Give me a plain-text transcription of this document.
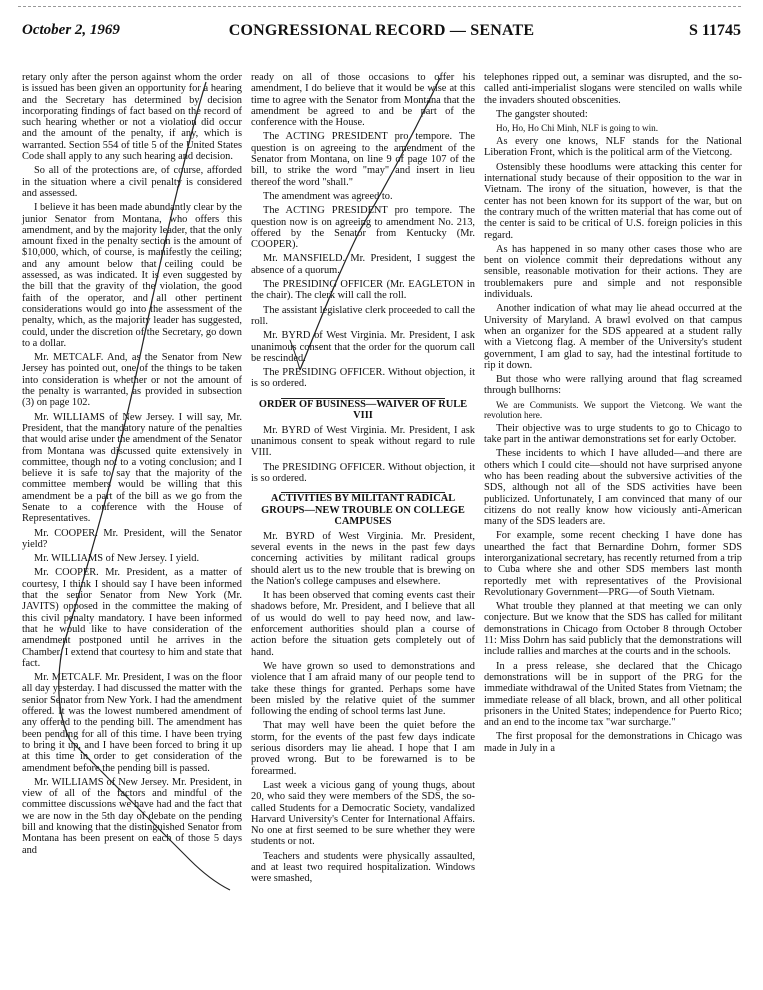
October 2, 1969	CONGRESSIONAL RECORD — SENATE	S 11745

retary only after the person against whom the order is issued has been given an opportunity for a hearing and the Secretary has determined by decision incorporating findings of fact based on the record of such hearing whether or not a violation did occur and the amount of the penalty, if any, which is warranted. Section 554 of title 5 of the United States Code shall apply to any such hearing and decision.

So all of the protections are, of course, afforded in the situation where a civil penalty is considered and assessed.

I believe it has been made abundantly clear by the junior Senator from Montana, who offers this amendment, and by the majority leader, that the only amount fixed in the penalty section is the amount of $10,000, which, of course, is manifestly the ceiling; and any amount below that ceiling could be assessed, as was indicated. It is even suggested by the bill that the gravity of the violation, the good faith of the operator, and all other pertinent considerations would go into the assessment of the penalty, which, as the majority leader has suggested, could, under the discretion of the Secretary, go down to a dollar.

Mr. METCALF. And, as the Senator from New Jersey has pointed out, one of the things to be taken into consideration is whether or not the amount of the penalty is warranted, as provided in subsection (3) on page 102.

Mr. WILLIAMS of New Jersey. I will say, Mr. President, that the mandatory nature of the penalties that would arise under the amendment of the Senator from Montana was discussed quite extensively in committee, though not to a voting conclusion; and I believe it is safe to say that the majority of the committee members would be willing that this amendment be a part of the bill as we go from the Senate to a conference with the House of Representatives.

Mr. COOPER. Mr. President, will the Senator yield?

Mr. WILLIAMS of New Jersey. I yield.

Mr. COOPER. Mr. President, as a matter of courtesy, I think I should say I have been informed that the senior Senator from New York (Mr. JAVITS) opposed in the committee the making of this civil penalty mandatory. I have been informed that he would like to have consideration of the amendment postponed until he arrives in the Chamber. I extend that courtesy to him and state that fact.

Mr. METCALF. Mr. President, I was on the floor all day yesterday. I had discussed the matter with the senior Senator from New York. I had the amendment offered. It was the lowest numbered amendment of any offered to the pending bill. The amendment has been pending for all of this time. I have been trying to bring it up, and I have been forced to bring it up at this time in order to get consideration of the amendment before the pending bill is passed.

Mr. WILLIAMS of New Jersey. Mr. President, in view of all of the factors and mindful of the committee discussions we have had and the fact that we are now in the 5th day of debate on the pending bill and knowing that the distinguished Senator from Montana has been present on each of those 5 days and

ready on all of those occasions to offer his amendment, I do believe that it would be wise at this time to agree with the Senator from Montana that the amendment be agreed to and be part of the conference with the House.

The ACTING PRESIDENT pro tempore. The question is on agreeing to the amendment of the Senator from Montana, on line 9 of page 107 of the bill, to strike the word "may" and insert in lieu thereof the word "shall."

The amendment was agreed to.

The ACTING PRESIDENT pro tempore. The question now is on agreeing to amendment No. 213, offered by the Senator from Kentucky (Mr. COOPER).

Mr. MANSFIELD. Mr. President, I suggest the absence of a quorum.

The PRESIDING OFFICER (Mr. EAGLETON in the chair). The clerk will call the roll.

The assistant legislative clerk proceeded to call the roll.

Mr. BYRD of West Virginia. Mr. President, I ask unanimous consent that the order for the quorum call be rescinded.

The PRESIDING OFFICER. Without objection, it is so ordered.

ORDER OF BUSINESS—WAIVER OF RULE VIII

Mr. BYRD of West Virginia. Mr. President, I ask unanimous consent to speak without regard to rule VIII.

The PRESIDING OFFICER. Without objection, it is so ordered.

ACTIVITIES BY MILITANT RADICAL GROUPS—NEW TROUBLE ON COLLEGE CAMPUSES

Mr. BYRD of West Virginia. Mr. President, several events in the news in the past few days concerning activities by militant radical groups should alert us to the new trouble that is brewing on the Nation's college campuses and elsewhere.

It has been observed that coming events cast their shadows before, Mr. President, and I believe that all of us would do well to pay heed now, and law-enforcement authorities should plan a course of action before the situation gets completely out of hand.

We have grown so used to demonstrations and violence that I am afraid many of our people tend to take these things for granted. Perhaps some have been misled by the relative quiet of the summer following the ending of school terms last June.

That may well have been the quiet before the storm, for the events of the past few days indicate serious disorders may lie ahead. I hope that I am proved wrong. But to be forewarned is to be forearmed.

Last week a vicious gang of young thugs, about 20, who said they were members of the SDS, the so-called Students for a Democratic Society, vandalized Harvard University's Center for International Affairs. No one at first seemed to be sure whether they were students or not.

Teachers and students were physically assaulted, and at least two required hospitalization. Windows were smashed,

telephones ripped out, a seminar was disrupted, and the so-called anti-imperialist slogans were stenciled on walls while the invaders shouted obscenities.

The gangster shouted:

Ho, Ho, Ho Chi Minh, NLF is going to win.

As every one knows, NLF stands for the National Liberation Front, which is the political arm of the Vietcong.

Ostensibly these hoodlums were attacking this center for international study because of their opposition to the war in Vietnam. The irony of the situation, however, is that the center has not been known for its support of the war, but on the contrary much of the written material that has come out of the center is said to be critical of U.S. foreign policies in this regard.

As has happened in so many other cases those who are bent on violence commit their depredations without any sensible, reasonable motivation for their actions. They are troublemakers pure and simple and not responsible individuals.

Another indication of what may lie ahead occurred at the University of Maryland. A brawl evolved on that campus when an organizer for the SDS appeared at a student rally with a Vietcong flag. A member of the University's student government, I am glad to say, had the intestinal fortitude to rip it down.

But those who were rallying around that flag screamed through bullhorns:

We are Communists. We support the Vietcong. We want the revolution here.

Their objective was to urge students to go to Chicago to take part in the antiwar demonstrations set for early October.

These incidents to which I have alluded—and there are others which I could cite—should not have surprised anyone who has been reading about the subversive activities of the SDS, although not all of the SDS activities have been publicized. Unfortunately, I am convinced that many of our citizens do not really know how viciously anti-American many of the SDS leaders are.

For example, some recent checking I have done has unearthed the fact that Bernardine Dohrn, former SDS interorganizational secretary, has recently returned from a trip to Cuba where she and other SDS members last month reportedly met with representatives of the Provisional Revolutionary Government—PRG—of South Vietnam.

What trouble they planned at that meeting we can only conjecture. But we know that the SDS has called for militant demonstrations in Chicago from October 8 through October 11: Miss Dohrn has said publicly that the demonstrations will include rallies and marches at the courts and in the schools.

In a press release, she declared that the Chicago demonstrations will be in support of the PRG for the immediate withdrawal of the United States from Vietnam; the immediate release of all black, brown, and all other political prisoners in the United States; independence for Puerto Rico; and an end to the income tax "war surcharge."

The first proposal for the demonstrations in Chicago was made in July in a
